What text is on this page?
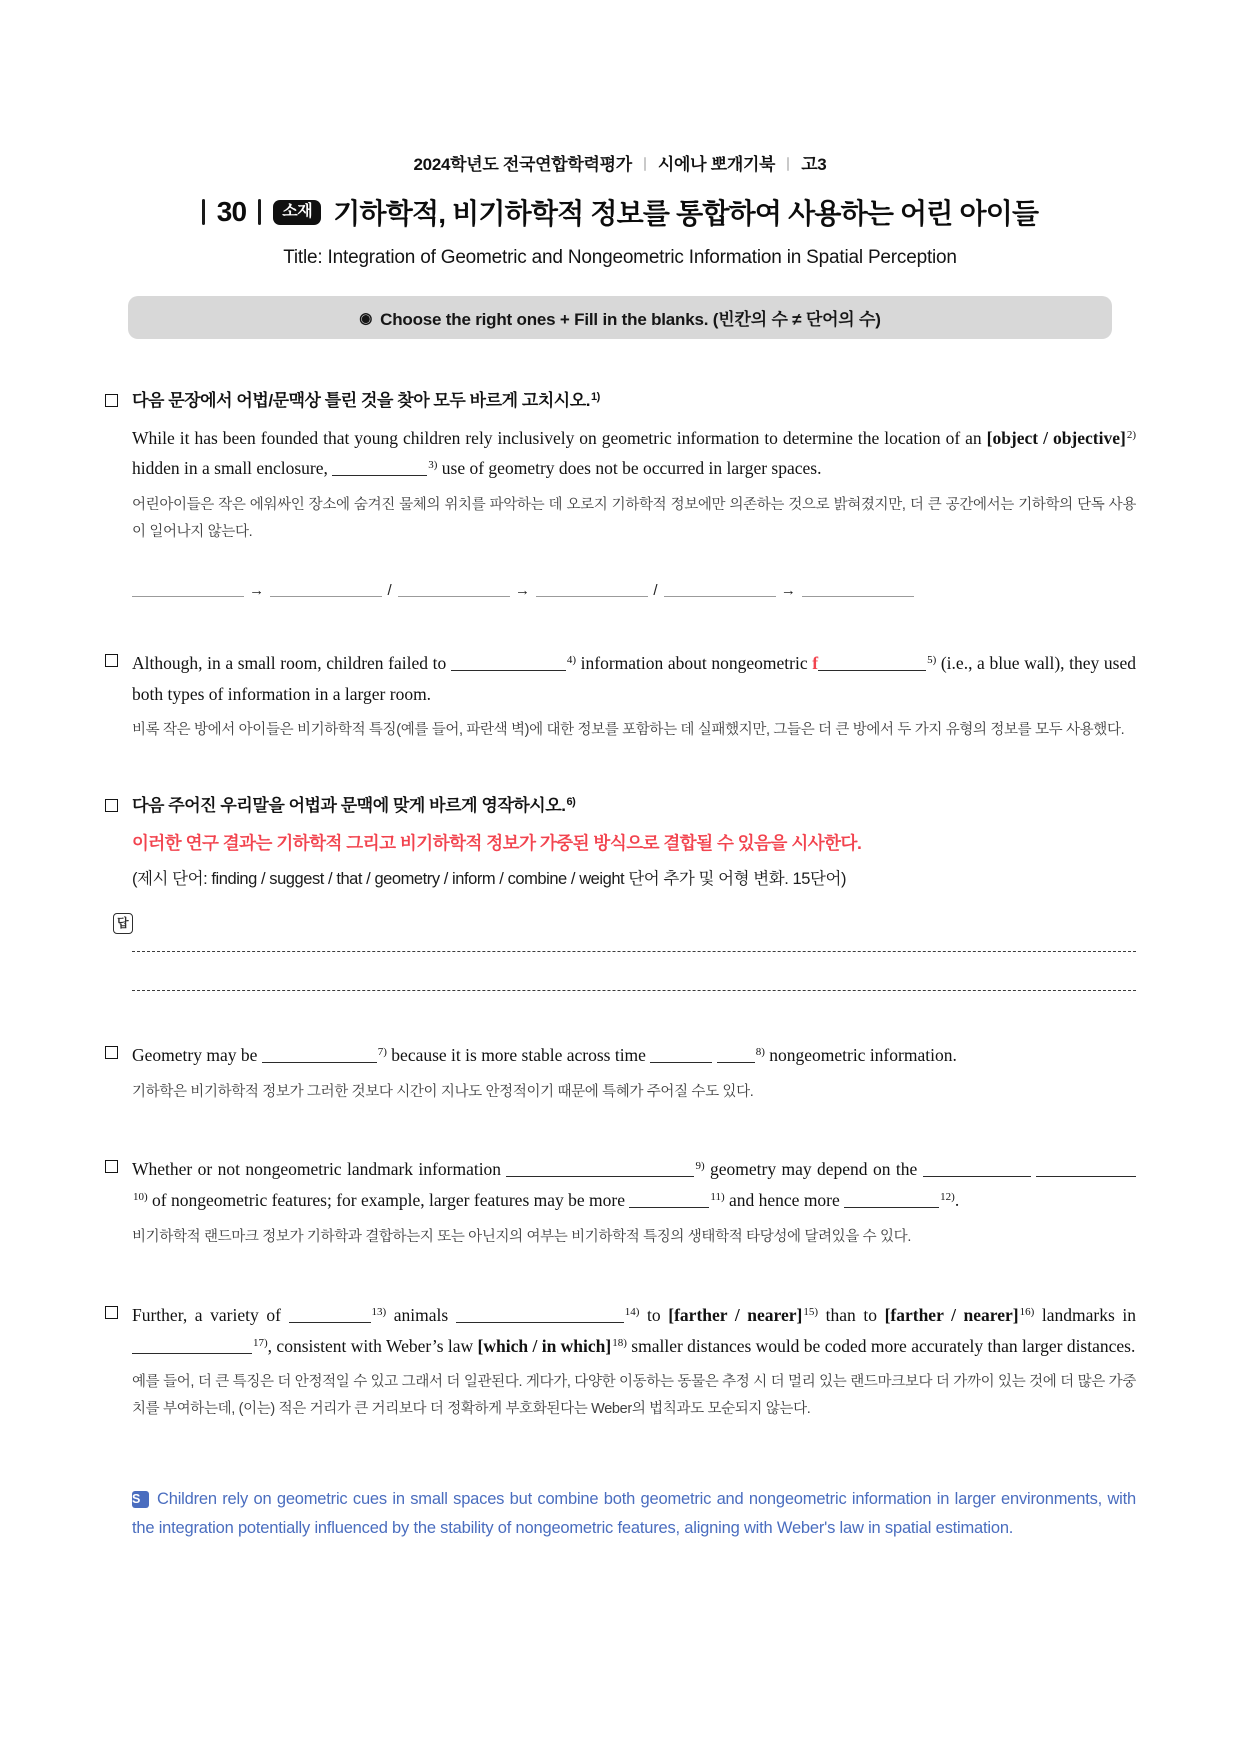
2024학년도 전국연합학력평가 시에나 뽀개기북 고3
30	소재 기하학적, 비기하학적 정보를 통합하여 사용하는 어린 아이들
Title: Integration of Geometric and Nongeometric Information in Spatial Perception
◉ Choose the right ones + Fill in the blanks. (빈칸의 수 ≠ 단어의 수)

다음 문장에서 어법/문맥상 틀린 것을 찾아 모두 바르게 고치시오.$^{1)}$

While it has been founded that young children rely inclusively on geometric information to determine the location of an [object / objective]$^{2)}$ hidden in a small enclosure,	$^{3)}$ use of geometry does not be occurred in larger spaces.

어린아이들은 작은 에워싸인 장소에 숨겨진 물체의 위치를 파악하는 데 오로지 기하학적 정보에만 의존하는 것으로 밝혀졌지만, 더 큰 공간에서는 기하학의 단독 사용이 일어나지 않는다.

→	/	→	/	→

Although, in a small room, children failed to	$^{4)}$ information about nongeometric f	$^{5)}$ (i.e., a blue wall), they used both types of information in a larger room.

비록 작은 방에서 아이들은 비기하학적 특징(예를 들어, 파란색 벽)에 대한 정보를 포함하는 데 실패했지만, 그들은 더 큰 방에서 두 가지 유형의 정보를 모두 사용했다.

다음 주어진 우리말을 어법과 문맥에 맞게 바르게 영작하시오.$^{6)}$

이러한 연구 결과는 기하학적 그리고 비기하학적 정보가 가중된 방식으로 결합될 수 있음을 시사한다.

(제시 단어: finding / suggest / that / geometry / inform / combine / weight 단어 추가 및 어형 변화. 15단어)

답

Geometry may be	$^{7)}$ because it is more stable across time	$^{8)}$ nongeometric information.

기하학은 비기하학적 정보가 그러한 것보다 시간이 지나도 안정적이기 때문에 특혜가 주어질 수도 있다.

Whether or not nongeometric landmark information	$^{9)}$ geometry may depend on the  $^{10)}$ of nongeometric features; for example, larger features may be more	$^{11)}$ and hence more	$^{12)}$.

비기하학적 랜드마크 정보가 기하학과 결합하는지 또는 아닌지의 여부는 비기하학적 특징의 생태학적 타당성에 달려있을 수 있다.

Further, a variety of	$^{13)}$ animals	$^{14)}$ to [farther / nearer]$^{15)}$ than to [farther / nearer]$^{16)}$ landmarks in $^{17)}$, consistent with Weber’s law [which / in which]$^{18)}$ smaller distances would be coded more accurately than larger distances.

예를 들어, 더 큰 특징은 더 안정적일 수 있고 그래서 더 일관된다. 게다가, 다양한 이동하는 동물은 추정 시 더 멀리 있는 랜드마크보다 더 가까이 있는 것에 더 많은 가중치를 부여하는데, (이는) 적은 거리가 큰 거리보다 더 정확하게 부호화된다는 Weber의 법칙과도 모순되지 않는다.

S Children rely on geometric cues in small spaces but combine both geometric and nongeometric information in larger environments, with the integration potentially influenced by the stability of nongeometric features, aligning with Weber's law in spatial estimation.
